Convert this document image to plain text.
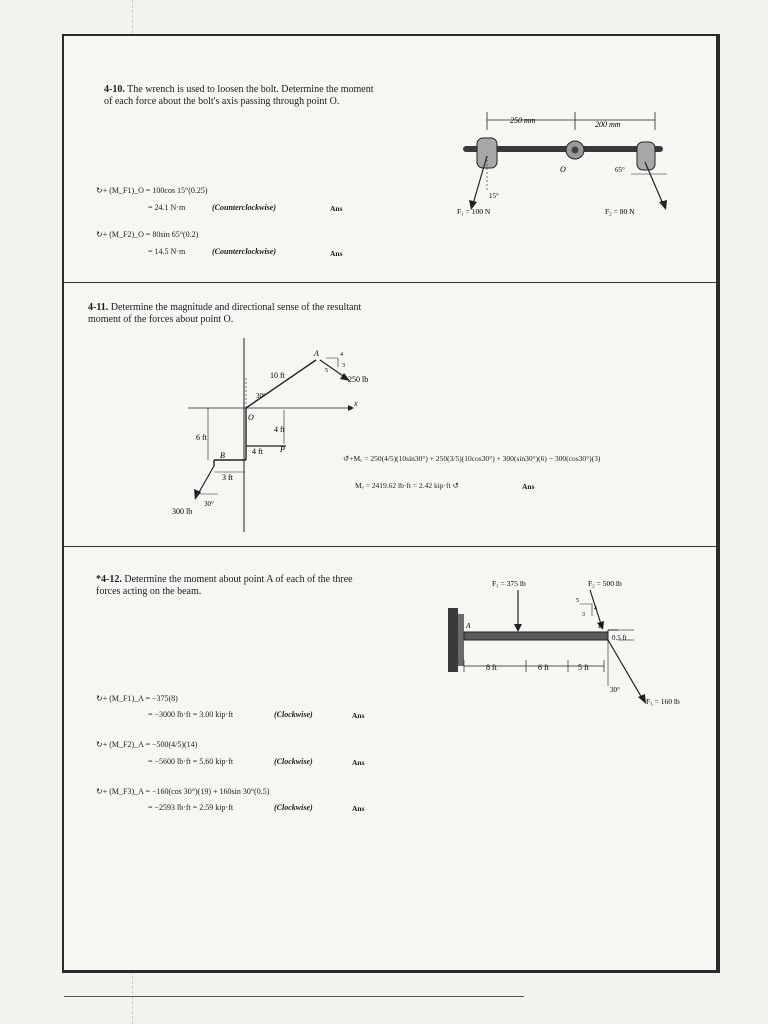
4-10. The wrench is used to loosen the bolt. Determine the moment of each force about the bolt's axis passing through point O.
250 mm	200 mm
O
15°
65°
F₁ = 100 N	F₂ = 80 N
↻+ (M_F1)_O = 100cos 15°(0.25)
= 24.1 N·m	(Counterclockwise)	Ans
↻+ (M_F2)_O = 80sin 65°(0.2)
= 14.5 N·m	(Counterclockwise)	Ans
4-11. Determine the magnitude and directional sense of the resultant moment of the forces about point O.
10 ft
A	4
3
5
250 lb
30°
x
O
6 ft
4 ft
4 ft P
B
3 ft
30°
300 lb
↺+Mₒ = 250(4/5)(10sin30°) + 250(3/5)(10cos30°) + 300(sin30°)(6) − 300(cos30°)(3)
Mₒ = 2419.62 lb·ft = 2.42 kip·ft ↺	Ans
*4-12. Determine the moment about point A of each of the three forces acting on the beam.
F₁ = 375 lb	F₂ = 500 lb
5
4
3
A	B
0.5 ft
8 ft	6 ft	5 ft
30°
F₃ = 160 lb
↻+ (M_F1)_A = −375(8)
= −3000 lb·ft = 3.00 kip·ft	(Clockwise)	Ans
↻+ (M_F2)_A = −500(4/5)(14)
= −5600 lb·ft = 5.60 kip·ft	(Clockwise)	Ans
↻+ (M_F3)_A = −160(cos 30°)(19) + 160sin 30°(0.5)
= −2593 lb·ft = 2.59 kip·ft	(Clockwise)	Ans
